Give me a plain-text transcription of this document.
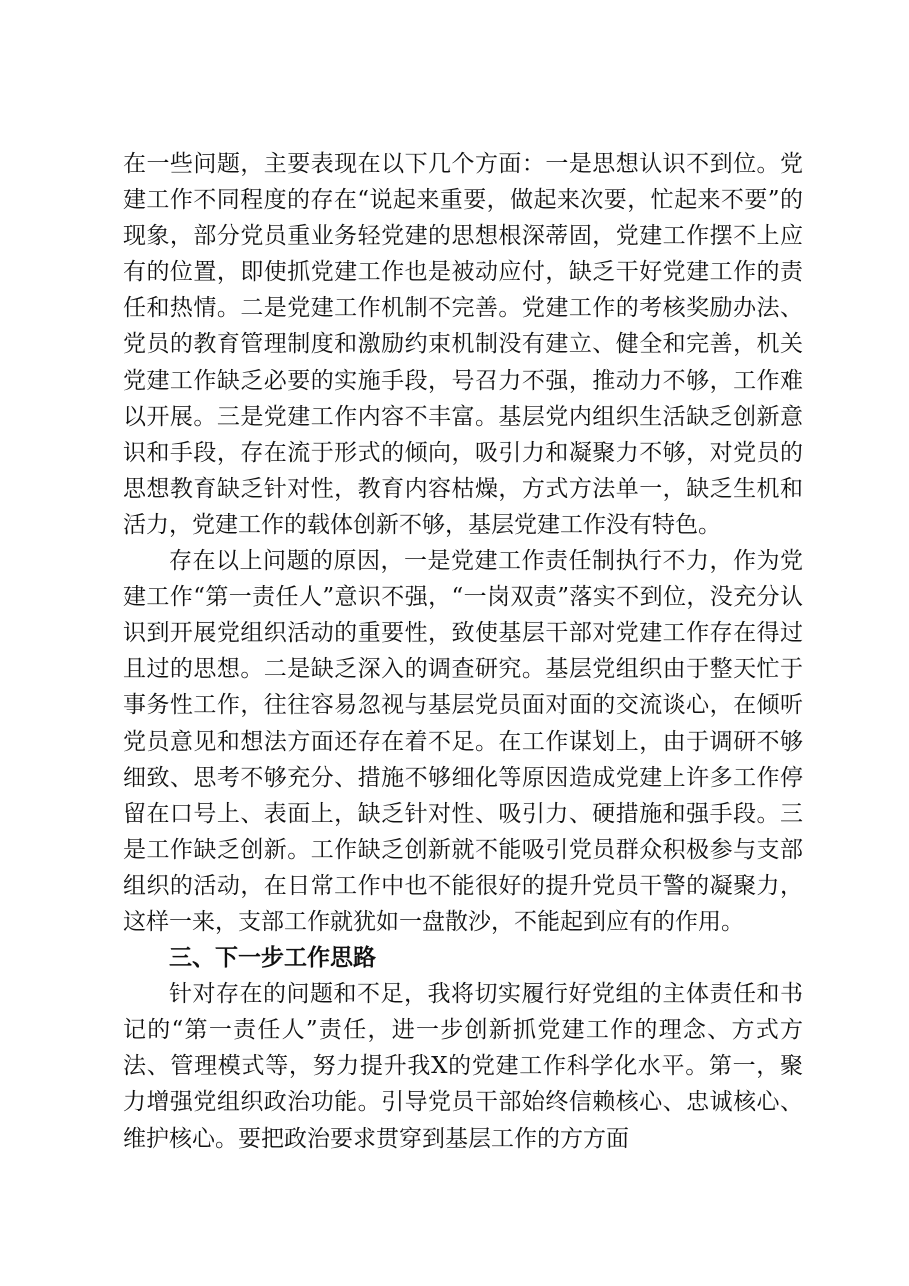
在一些问题，主要表现在以下几个方面：一是思想认识不到位。党建工作不同程度的存在“说起来重要，做起来次要，忙起来不要”的现象，部分党员重业务轻党建的思想根深蒂固，党建工作摆不上应有的位置，即使抓党建工作也是被动应付，缺乏干好党建工作的责任和热情。二是党建工作机制不完善。党建工作的考核奖励办法、党员的教育管理制度和激励约束机制没有建立、健全和完善，机关党建工作缺乏必要的实施手段，号召力不强，推动力不够，工作难以开展。三是党建工作内容不丰富。基层党内组织生活缺乏创新意识和手段，存在流于形式的倾向，吸引力和凝聚力不够，对党员的思想教育缺乏针对性，教育内容枯燥，方式方法单一，缺乏生机和活力，党建工作的载体创新不够，基层党建工作没有特色。

存在以上问题的原因，一是党建工作责任制执行不力，作为党建工作“第一责任人”意识不强，“一岗双责”落实不到位，没充分认识到开展党组织活动的重要性，致使基层干部对党建工作存在得过且过的思想。二是缺乏深入的调查研究。基层党组织由于整天忙于事务性工作，往往容易忽视与基层党员面对面的交流谈心，在倾听党员意见和想法方面还存在着不足。在工作谋划上，由于调研不够细致、思考不够充分、措施不够细化等原因造成党建上许多工作停留在口号上、表面上，缺乏针对性、吸引力、硬措施和强手段。三是工作缺乏创新。工作缺乏创新就不能吸引党员群众积极参与支部组织的活动，在日常工作中也不能很好的提升党员干警的凝聚力，这样一来，支部工作就犹如一盘散沙，不能起到应有的作用。

三、下一步工作思路

针对存在的问题和不足，我将切实履行好党组的主体责任和书记的“第一责任人”责任，进一步创新抓党建工作的理念、方式方法、管理模式等，努力提升我X的党建工作科学化水平。第一，聚力增强党组织政治功能。引导党员干部始终信赖核心、忠诚核心、维护核心。要把政治要求贯穿到基层工作的方方面
